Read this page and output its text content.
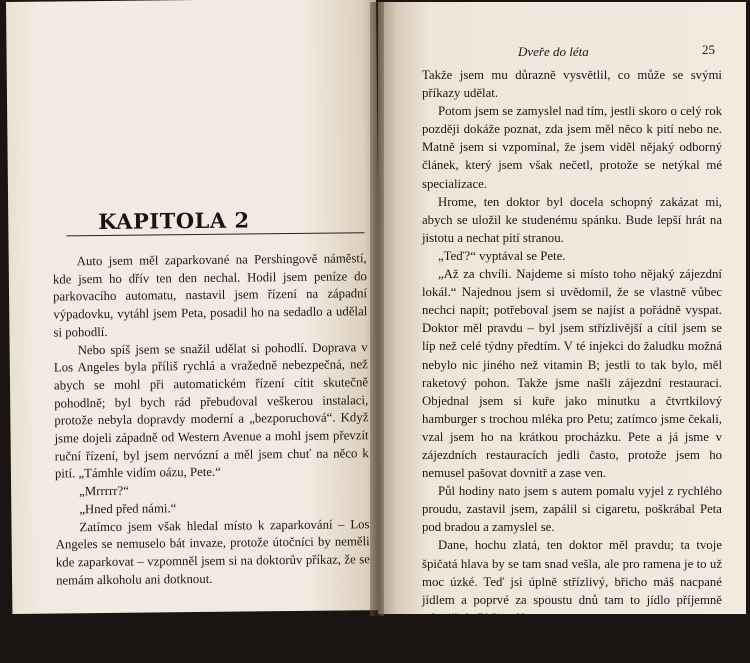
KAPITOLA 2

Auto jsem měl zaparkované na Pershingově náměstí, kde jsem ho dřív ten den nechal. Hodil jsem peníze do parkovacího automatu, nastavil jsem řízení na západní výpadovku, vytáhl jsem Peta, posadil ho na sedadlo a udělal si pohodlí.

Nebo spíš jsem se snažil udělat si pohodlí. Doprava v Los Angeles byla příliš rychlá a vražedně nebezpečná, než abych se mohl při automatickém řízení cítit skutečně pohodlně; byl bych rád přebudoval veškerou instalaci, protože nebyla dopravdy moderní a „bezporuchová“. Když jsme dojeli západně od Western Avenue a mohl jsem převzít ruční řízení, byl jsem nervózní a měl jsem chuť na něco k pití. „Támhle vidím oázu, Pete.“

„Mrrrrr?“

„Hned před námi.“

Zatímco jsem však hledal místo k zaparkování – Los Angeles se nemuselo bát invaze, protože útočníci by neměli kde zaparkovat – vzpomněl jsem si na doktorův příkaz, že se nemám alkoholu ani dotknout.

Dveře do léta	25

Takže jsem mu důrazně vysvětlil, co může se svými příkazy udělat.

Potom jsem se zamyslel nad tím, jestli skoro o celý rok později dokáže poznat, zda jsem měl něco k pití nebo ne. Matně jsem si vzpomínal, že jsem viděl nějaký odborný článek, který jsem však nečetl, protože se netýkal mé specializace.

Hrome, ten doktor byl docela schopný zakázat mi, abych se uložil ke studenému spánku. Bude lepší hrát na jistotu a nechat pití stranou.

„Teď?“ vyptával se Pete.

„Až za chvíli. Najdeme si místo toho nějaký zájezdní lokál.“ Najednou jsem si uvědomil, že se vlastně vůbec nechci napít; potřeboval jsem se najíst a pořádně vyspat. Doktor měl pravdu – byl jsem střízlivější a cítil jsem se líp než celé týdny předtím. V té injekci do žaludku možná nebylo nic jiného než vitamin B; jestli to tak bylo, měl raketový pohon. Takže jsme našli zájezdní restauraci. Objednal jsem si kuře jako minutku a čtvrtkilový hamburger s trochou mléka pro Petu; zatímco jsme čekali, vzal jsem ho na krátkou procházku. Pete a já jsme v zájezdních restauracích jedli často, protože jsem ho nemusel pašovat dovnitř a zase ven.

Půl hodiny nato jsem s autem pomalu vyjel z rychlého proudu, zastavil jsem, zapálil si cigaretu, poškrábal Peta pod bradou a zamyslel se.

Dane, hochu zlatá, ten doktor měl pravdu; ta tvoje špičatá hlava by se tam snad vešla, ale pro ramena je to už moc úzké. Teď jsi úplně střízlivý, břicho máš nacpané jídlem a poprvé za spoustu dnů tam to jídlo příjemně odpočívá. Cítíš se líp.

A co dál? Měl doktor pravdu i v tom ostatním? Jsi jenom rozmazlené děcko? Nemáš odvahu vyrovnat se
